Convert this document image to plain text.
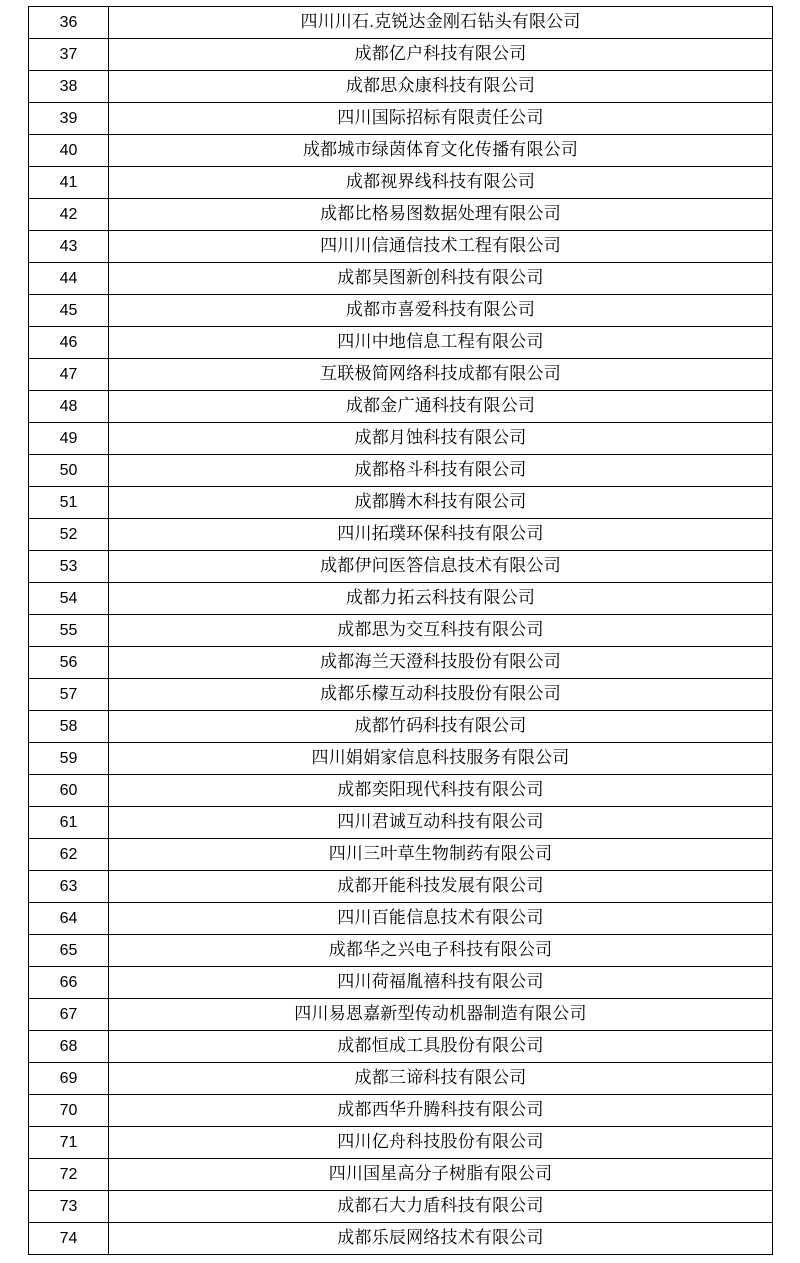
36	四川川石.克锐达金刚石钻头有限公司
37	成都亿户科技有限公司
38	成都思众康科技有限公司
39	四川国际招标有限责任公司
40	成都城市绿茵体育文化传播有限公司
41	成都视界线科技有限公司
42	成都比格易图数据处理有限公司
43	四川川信通信技术工程有限公司
44	成都昊图新创科技有限公司
45	成都市喜爱科技有限公司
46	四川中地信息工程有限公司
47	互联极简网络科技成都有限公司
48	成都金广通科技有限公司
49	成都月蚀科技有限公司
50	成都格斗科技有限公司
51	成都腾木科技有限公司
52	四川拓璞环保科技有限公司
53	成都伊问医答信息技术有限公司
54	成都力拓云科技有限公司
55	成都思为交互科技有限公司
56	成都海兰天澄科技股份有限公司
57	成都乐檬互动科技股份有限公司
58	成都竹码科技有限公司
59	四川娟娟家信息科技服务有限公司
60	成都奕阳现代科技有限公司
61	四川君诚互动科技有限公司
62	四川三叶草生物制药有限公司
63	成都开能科技发展有限公司
64	四川百能信息技术有限公司
65	成都华之兴电子科技有限公司
66	四川荷福胤禧科技有限公司
67	四川易恩嘉新型传动机器制造有限公司
68	成都恒成工具股份有限公司
69	成都三谛科技有限公司
70	成都西华升腾科技有限公司
71	四川亿舟科技股份有限公司
72	四川国星高分子树脂有限公司
73	成都石大力盾科技有限公司
74	成都乐辰网络技术有限公司
